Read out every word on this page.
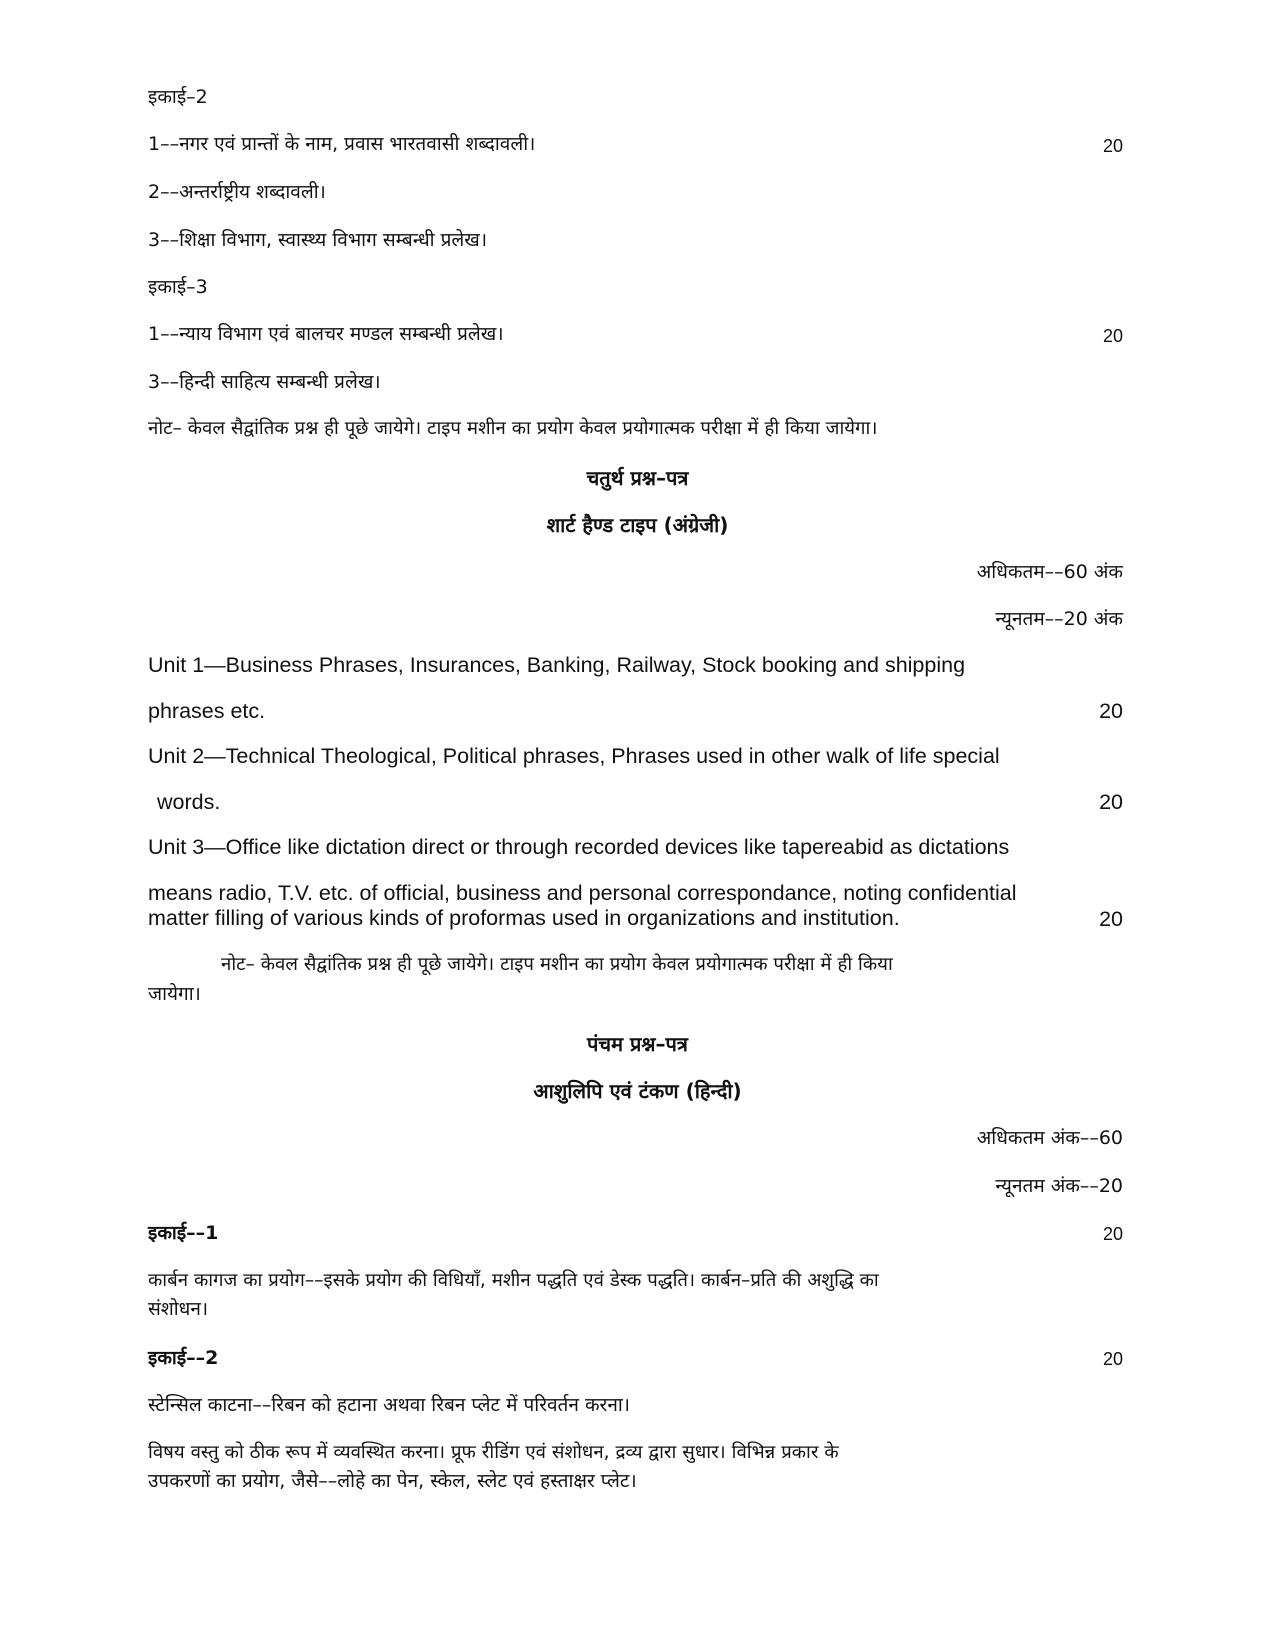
इकाई–2
1––नगर एवं प्रान्तों के नाम, प्रवास भारतवासी शब्दावली।	20
2––अन्तर्राष्ट्रीय शब्दावली।
3––शिक्षा विभाग, स्वास्थ्य विभाग सम्बन्धी प्रलेख।
इकाई–3
1––न्याय विभाग एवं बालचर मण्डल सम्बन्धी प्रलेख।	20
3––हिन्दी साहित्य सम्बन्धी प्रलेख।
नोट– केवल सैद्वांतिक प्रश्न ही पूछे जायेगे। टाइप मशीन का प्रयोग केवल प्रयोगात्मक परीक्षा में ही किया जायेगा।
चतुर्थ प्रश्न–पत्र
शार्ट हैण्ड टाइप (अंग्रेजी)
अधिकतम––60 अंक
न्यूनतम––20 अंक
Unit 1—Business Phrases, Insurances, Banking, Railway, Stock booking and shipping
phrases etc.	20
Unit 2—Technical Theological, Political phrases, Phrases used in other walk of life special
words.	20
Unit 3—Office like dictation direct or through recorded devices like tapereabid as dictations
means radio, T.V. etc. of official, business and personal correspondance, noting confidential
matter filling of various kinds of proformas used in organizations and institution.	20
नोट– केवल सैद्वांतिक प्रश्न ही पूछे जायेगे। टाइप मशीन का प्रयोग केवल प्रयोगात्मक परीक्षा में ही किया
जायेगा।
पंचम प्रश्न–पत्र
आशुलिपि एवं टंकण (हिन्दी)
अधिकतम अंक––60
न्यूनतम अंक––20
इकाई––1	20
कार्बन कागज का प्रयोग––इसके प्रयोग की विधियाँ, मशीन पद्धति एवं डेस्क पद्धति। कार्बन–प्रति की अशुद्धि का
संशोधन।
इकाई––2	20
स्टेन्सिल काटना––रिबन को हटाना अथवा रिबन प्लेट में परिवर्तन करना।
विषय वस्तु को ठीक रूप में व्यवस्थित करना। प्रूफ रीडिंग एवं संशोधन, द्रव्य द्वारा सुधार। विभिन्न प्रकार के
उपकरणों का प्रयोग, जैसे––लोहे का पेन, स्केल, स्लेट एवं हस्ताक्षर प्लेट।
